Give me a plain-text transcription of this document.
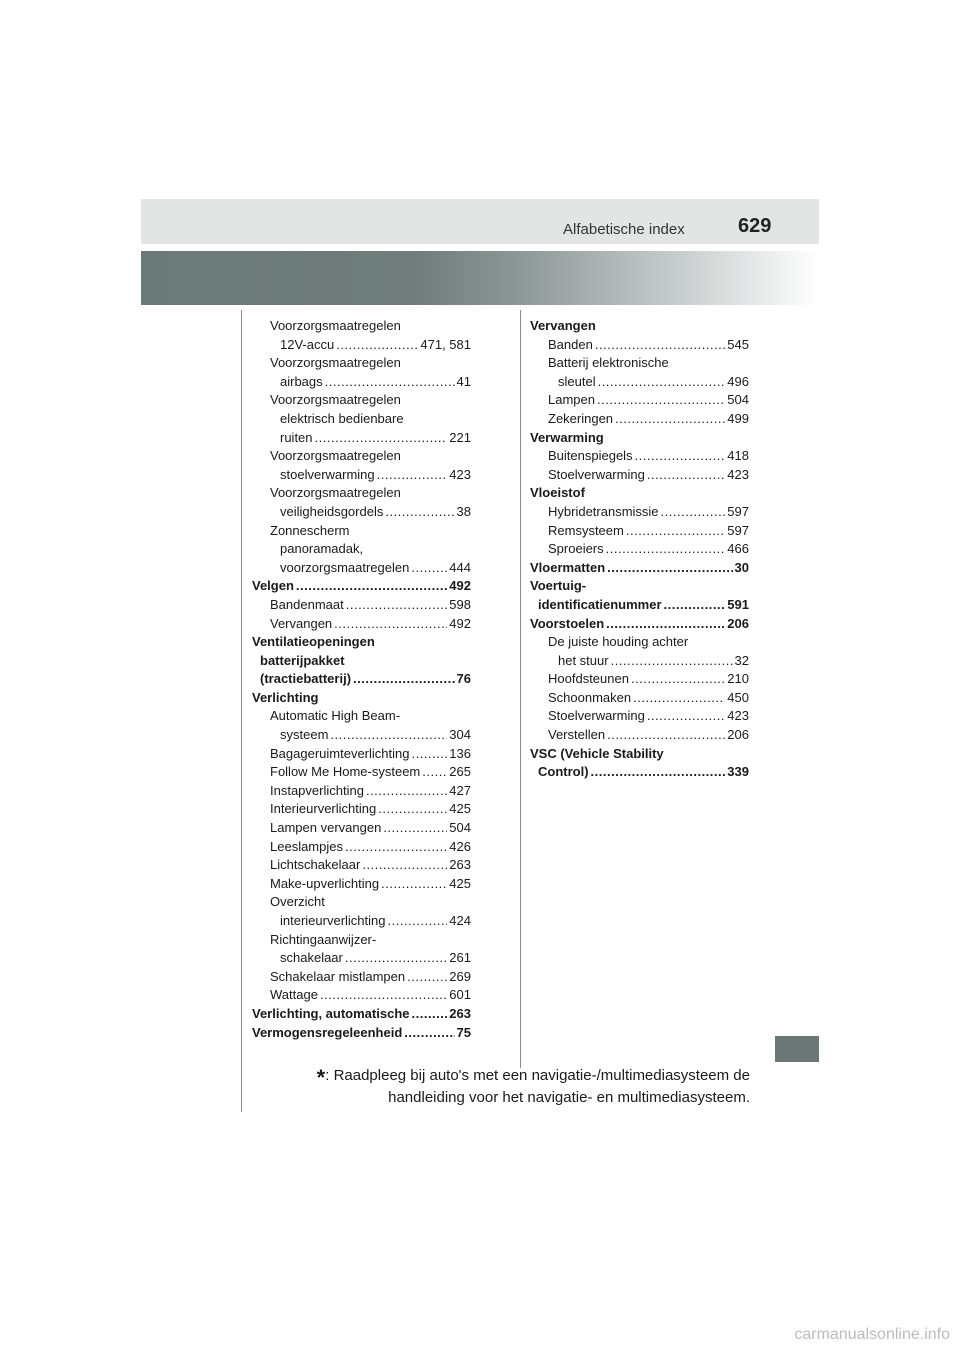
Alfabetische index	629
Voorzorgsmaatregelen
12V-accu .....	471, 581
Voorzorgsmaatregelen
airbags .....	41
Voorzorgsmaatregelen
elektrisch bedienbare
ruiten .....	221
Voorzorgsmaatregelen
stoelverwarming .....	423
Voorzorgsmaatregelen
veiligheidsgordels .....	38
Zonnescherm
panoramadak,
voorzorgsmaatregelen .....	444
Velgen .....	492
Bandenmaat .....	598
Vervangen .....	492
Ventilatieopeningen
batterijpakket
(tractiebatterij) .....	76
Verlichting
Automatic High Beam-
systeem .....	304
Bagageruimteverlichting .....	136
Follow Me Home-systeem ..... 265
Instapverlichting .....	427
Interieurverlichting .....	425
Lampen vervangen .....	504
Leeslampjes .....	426
Lichtschakelaar .....	263
Make-upverlichting .....	425
Overzicht
interieurverlichting .....	424
Richtingaanwijzer-
schakelaar .....	261
Schakelaar mistlampen .....	269
Wattage .....	601
Verlichting, automatische .....	263
Vermogensregeleenheid .....	75
Vervangen
Banden .....	545
Batterij elektronische
sleutel .....	496
Lampen .....	504
Zekeringen .....	499
Verwarming
Buitenspiegels .....	418
Stoelverwarming .....	423
Vloeistof
Hybridetransmissie .....	597
Remsysteem .....	597
Sproeiers .....	466
Vloermatten .....	30
Voertuig-
identificatienummer .....	591
Voorstoelen .....	206
De juiste houding achter
het stuur .....	32
Hoofdsteunen .....	210
Schoonmaken .....	450
Stoelverwarming .....	423
Verstellen .....	206
VSC (Vehicle Stability
Control) .....	339
*: Raadpleeg bij auto's met een navigatie-/multimediasysteem de
handleiding voor het navigatie- en multimediasysteem.
carmanualsonline.info
